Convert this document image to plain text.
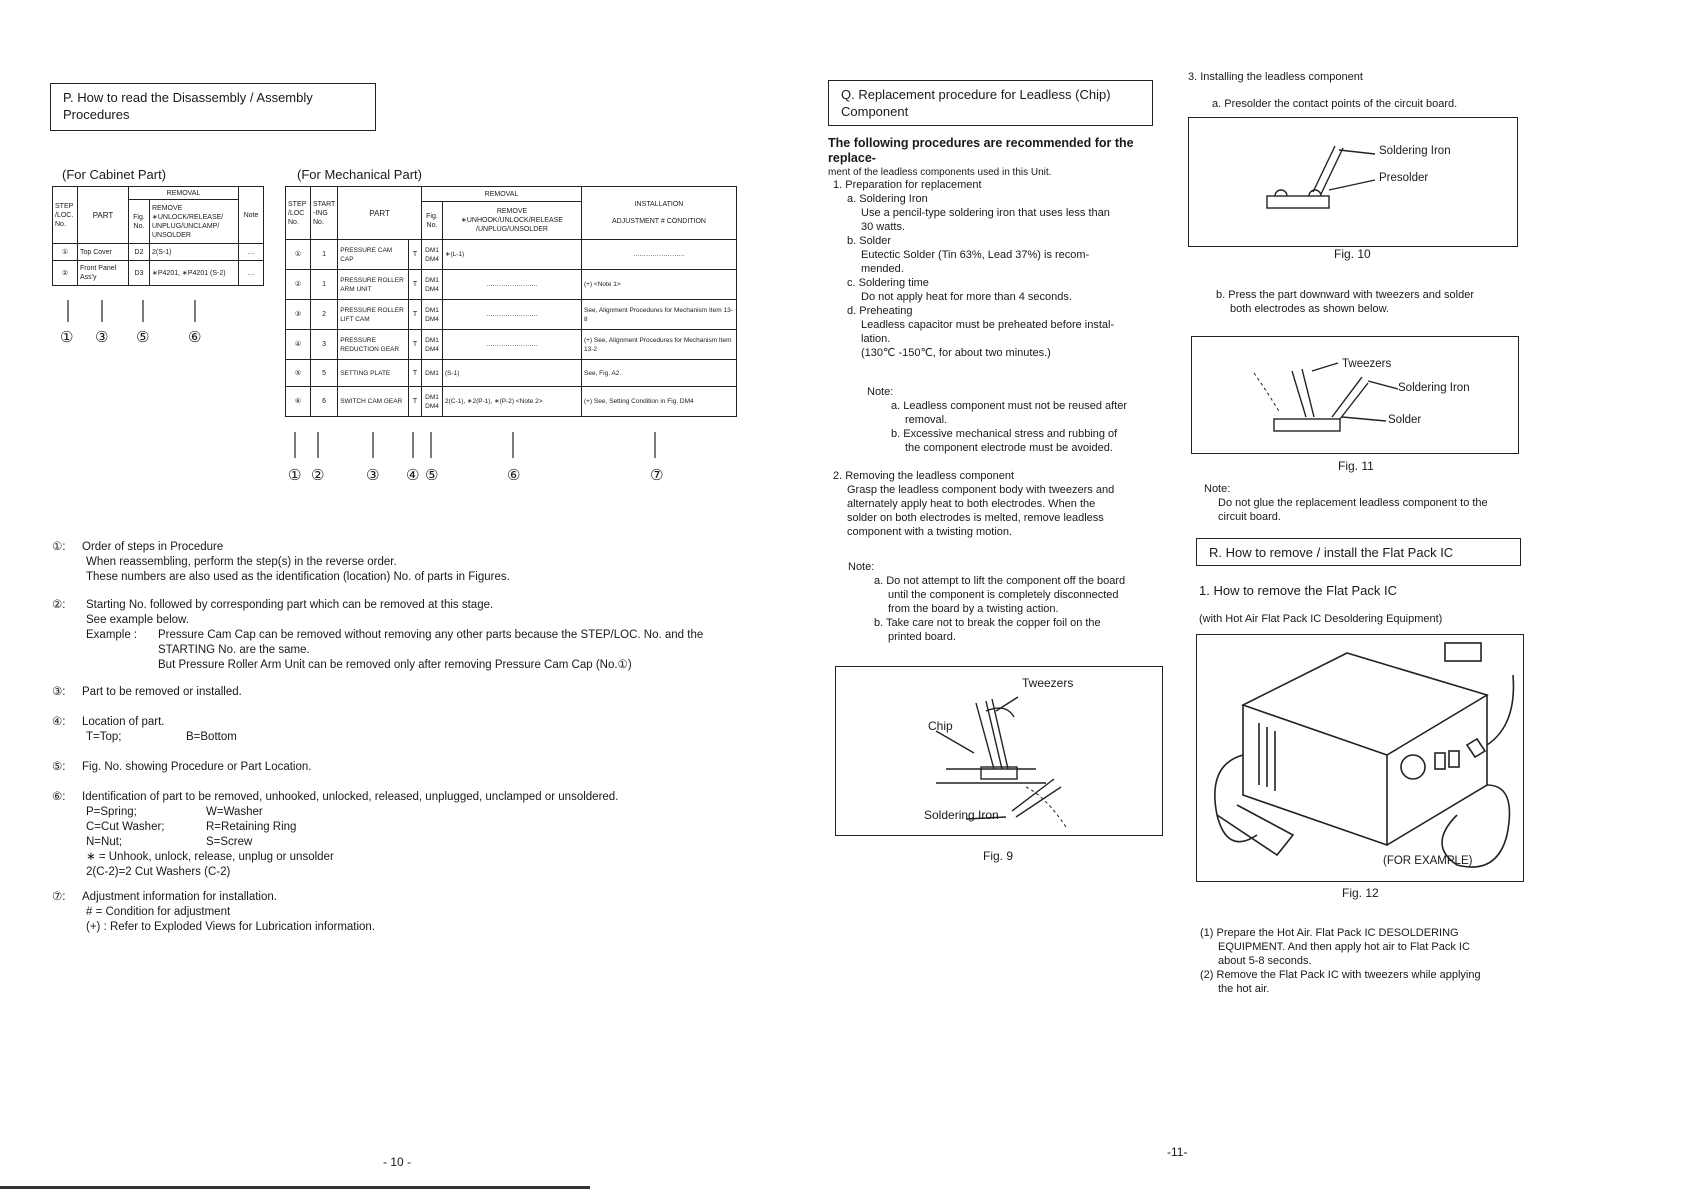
P. How to read the Disassembly / Assembly Procedures
(For Cabinet Part)	(For Mechanical Part)
STEP /LOC. No.	PART	REMOVAL		Note
		Fig. No.	REMOVE ∗UNLOCK/RELEASE/ UNPLUG/UNCLAMP/ UNSOLDER	
①	Top Cover	D2	2(S-1)	…
②	Front Panel Ass'y	D3	∗P4201, ∗P4201 (S-2)	…
① ③ ⑤	⑥
STEP /LOC No.	START -ING No.	PART		REMOVAL		INSTALLATION
ADJUSTMENT # CONDITION

				Fig. No.	REMOVE ∗UNHOOK/UNLOCK/RELEASE /UNPLUG/UNSOLDER	
①	1	PRESSURE CAM CAP	T	DM1 DM4	∗(L-1)	……………………
②	1	PRESSURE ROLLER ARM UNIT	T	DM1 DM4	……………………	(+) <Note 1>
③	2	PRESSURE ROLLER LIFT CAM	T	DM1 DM4	……………………	See, Alignment Procedures for Mechanism Item 13-8
④	3	PRESSURE REDUCTION GEAR	T	DM1 DM4	……………………	(+) See, Alignment Procedures for Mechanism Item 13-2
⑤	5	SETTING PLATE	T	DM1	(S-1)	See, Fig. A2.
⑥	6	SWITCH CAM GEAR	T	DM1 DM4	2(C-1), ∗2(P-1), ∗(P-2) <Note 2>	(+) See, Setting Condition in Fig. DM4
① ②	③ ④ ⑤	⑥	⑦
①:	Order of steps in Procedure
When reassembling, perform the step(s) in the reverse order.
These numbers are also used as the identification (location) No. of parts in Figures.
②:	Starting No. followed by corresponding part which can be removed at this stage.
See example below.
Example :	Pressure Cam Cap can be removed without removing any other parts because the STEP/LOC. No. and the
STARTING No. are the same.
But Pressure Roller Arm Unit can be removed only after removing Pressure Cam Cap (No.①)
③:	Part to be removed or installed.
④:	Location of part.
T=Top;	B=Bottom
⑤:	Fig. No. showing Procedure or Part Location.
⑥:	Identification of part to be removed, unhooked, unlocked, released, unplugged, unclamped or unsoldered.
P=Spring;	W=Washer
C=Cut Washer;	R=Retaining Ring
N=Nut;	S=Screw
∗ = Unhook, unlock, release, unplug or unsolder
2(C-2)=2 Cut Washers (C-2)
⑦:	Adjustment information for installation.
# = Condition for adjustment
(+) : Refer to Exploded Views for Lubrication information.
- 10 -
Q. Replacement procedure for Leadless (Chip) Component
The following procedures are recommended for the replace-
ment of the leadless components used in this Unit.
1. Preparation for replacement
a. Soldering Iron
Use a pencil-type soldering iron that uses less than
30 watts.
b. Solder
Eutectic Solder (Tin 63%, Lead 37%) is recom-
mended.
c. Soldering time
Do not apply heat for more than 4 seconds.
d. Preheating
Leadless capacitor must be preheated before instal-
lation.
(130℃ -150℃, for about two minutes.)
Note:
a. Leadless component must not be reused after
removal.
b. Excessive mechanical stress and rubbing of
the component electrode must be avoided.
2. Removing the leadless component
Grasp the leadless component body with tweezers and
alternately apply heat to both electrodes. When the
solder on both electrodes is melted, remove leadless
component with a twisting motion.
Note:
a. Do not attempt to lift the component off the board
until the component is completely disconnected
from the board by a twisting action.
b. Take care not to break the copper foil on the
printed board.
Tweezers
Chip
Soldering Iron
Fig. 9
-11-
3. Installing the leadless component
a. Presolder the contact points of the circuit board.
Soldering Iron
Presolder
Fig. 10
b. Press the part downward with tweezers and solder
both electrodes as shown below.
Tweezers
Soldering Iron
Solder
Fig. 11
Note:
Do not glue the replacement leadless component to the
circuit board.
R. How to remove / install the Flat Pack IC
1. How to remove the Flat Pack IC
(with Hot Air Flat Pack IC Desoldering Equipment)
(FOR EXAMPLE)
Fig. 12
(1) Prepare the Hot Air. Flat Pack IC DESOLDERING
EQUIPMENT. And then apply hot air to Flat Pack IC
about 5-8 seconds.
(2) Remove the Flat Pack IC with tweezers while applying
the hot air.
